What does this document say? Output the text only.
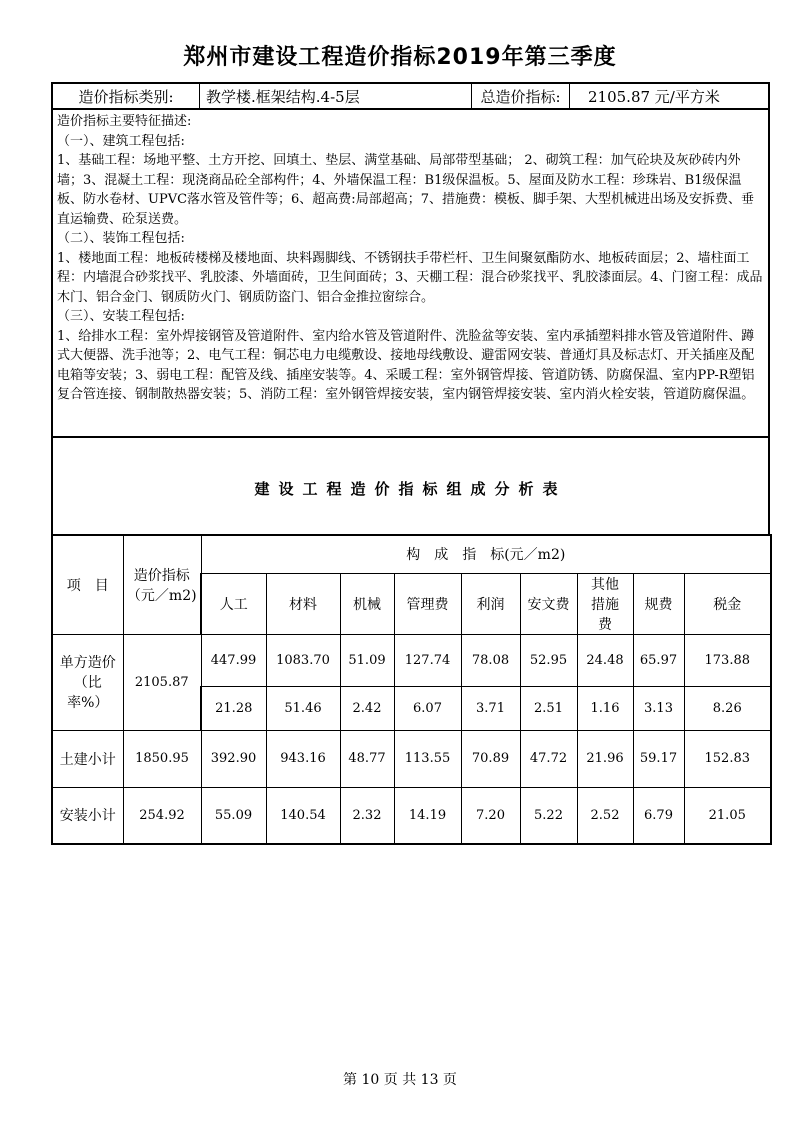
郑州市建设工程造价指标2019年第三季度
造价指标类别:	教学楼.框架结构.4-5层	总造价指标:	2105.87 元/平方米

造价指标主要特征描述:

（一）、建筑工程包括:

1、基础工程：场地平整、土方开挖、回填土、垫层、满堂基础、局部带型基础； 2、砌筑工程：加气砼块及灰砂砖内外墙；3、混凝土工程：现浇商品砼全部构件；4、外墙保温工程：B1级保温板。5、屋面及防水工程：珍珠岩、B1级保温板、防水卷材、UPVC落水管及管件等；6、超高费:局部超高；7、措施费：模板、脚手架、大型机械进出场及安拆费、垂直运输费、砼泵送费。

（二）、装饰工程包括:

1、楼地面工程：地板砖楼梯及楼地面、块料踢脚线、不锈钢扶手带栏杆、卫生间聚氨酯防水、地板砖面层；2、墙柱面工程：内墙混合砂浆找平、乳胶漆、外墙面砖，卫生间面砖；3、天棚工程：混合砂浆找平、乳胶漆面层。4、门窗工程：成品木门、铝合金门、钢质防火门、钢质防盗门、铝合金推拉窗综合。

（三）、安装工程包括:

1、给排水工程：室外焊接钢管及管道附件、室内给水管及管道附件、洗脸盆等安装、室内承插塑料排水管及管道附件、蹲式大便器、洗手池等；2、电气工程：铜芯电力电缆敷设、接地母线敷设、避雷网安装、普通灯具及标志灯、开关插座及配电箱等安装；3、弱电工程：配管及线、插座安装等。4、采暖工程：室外钢管焊接、管道防锈、防腐保温、室内PP-R塑铝复合管连接、钢制散热器安装；5、消防工程：室外钢管焊接安装，室内钢管焊接安装、室内消火栓安装，管道防腐保温。

建设工程造价指标组成分析表
项　目	造价指标（元／m2)	构　成　指　标(元／m2)								
		人工	材料	机械	管理费	利润	安文费	其他措施费	规费	税金
单方造价（比率%）	2105.87	447.99	1083.70	51.09	127.74	78.08	52.95	24.48	65.97	173.88
		21.28	51.46	2.42	6.07	3.71	2.51	1.16	3.13	8.26
土建小计	1850.95	392.90	943.16	48.77	113.55	70.89	47.72	21.96	59.17	152.83
安装小计	254.92	55.09	140.54	2.32	14.19	7.20	5.22	2.52	6.79	21.05
第 10 页 共 13 页
